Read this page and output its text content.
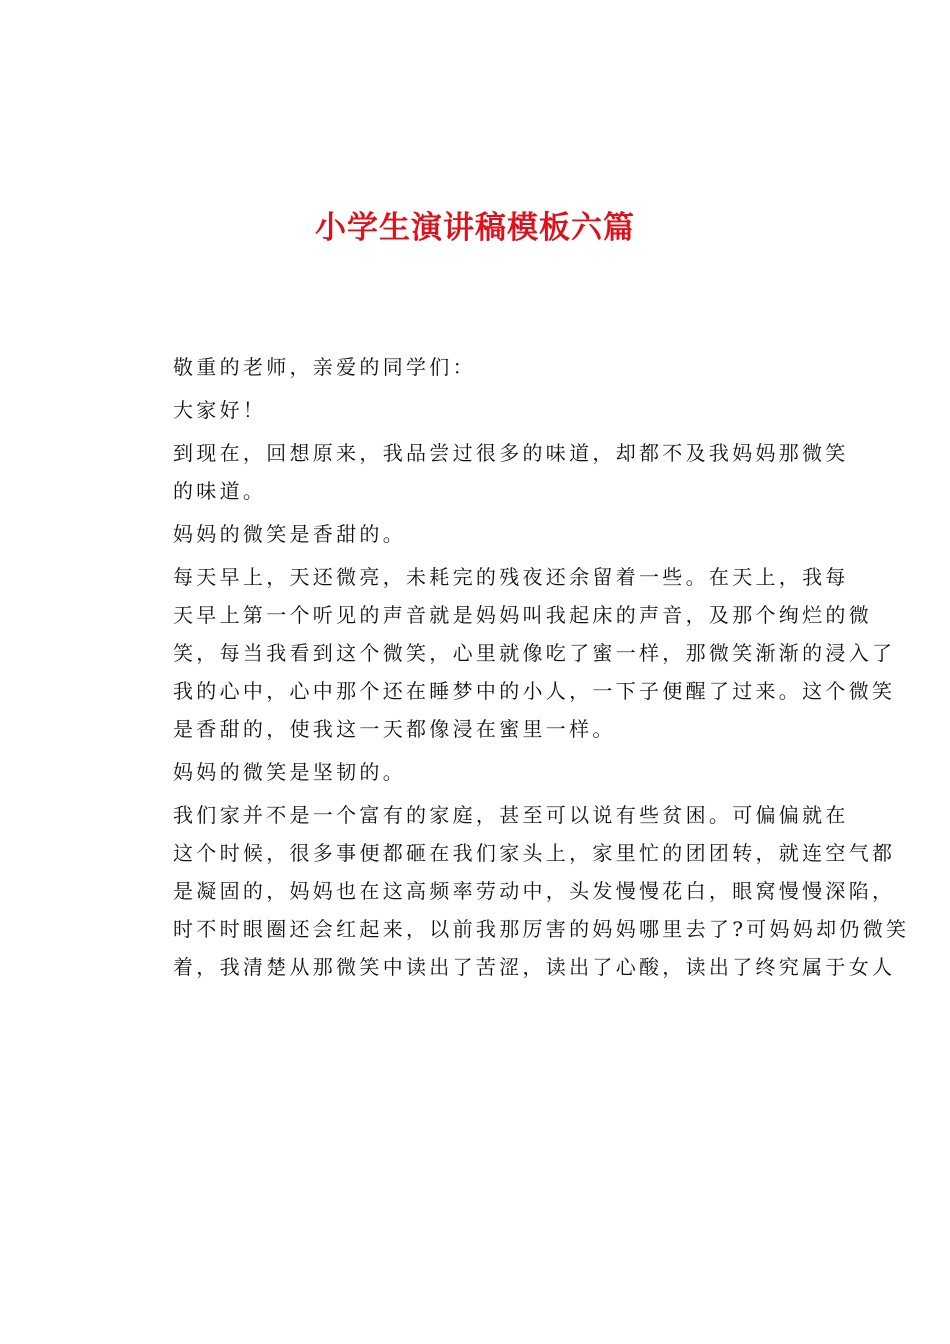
小学生演讲稿模板六篇

敬重的老师，亲爱的同学们：

大家好！

到现在，回想原来，我品尝过很多的味道，却都不及我妈妈那微笑
的味道。

妈妈的微笑是香甜的。

每天早上，天还微亮，未耗完的残夜还余留着一些。在天上，我每
天早上第一个听见的声音就是妈妈叫我起床的声音，及那个绚烂的微
笑，每当我看到这个微笑，心里就像吃了蜜一样，那微笑渐渐的浸入了
我的心中，心中那个还在睡梦中的小人，一下子便醒了过来。这个微笑
是香甜的，使我这一天都像浸在蜜里一样。

妈妈的微笑是坚韧的。

我们家并不是一个富有的家庭，甚至可以说有些贫困。可偏偏就在
这个时候，很多事便都砸在我们家头上，家里忙的团团转，就连空气都
是凝固的，妈妈也在这高频率劳动中，头发慢慢花白，眼窝慢慢深陷，
时不时眼圈还会红起来，以前我那厉害的妈妈哪里去了?可妈妈却仍微笑
着，我清楚从那微笑中读出了苦涩，读出了心酸，读出了终究属于女人
